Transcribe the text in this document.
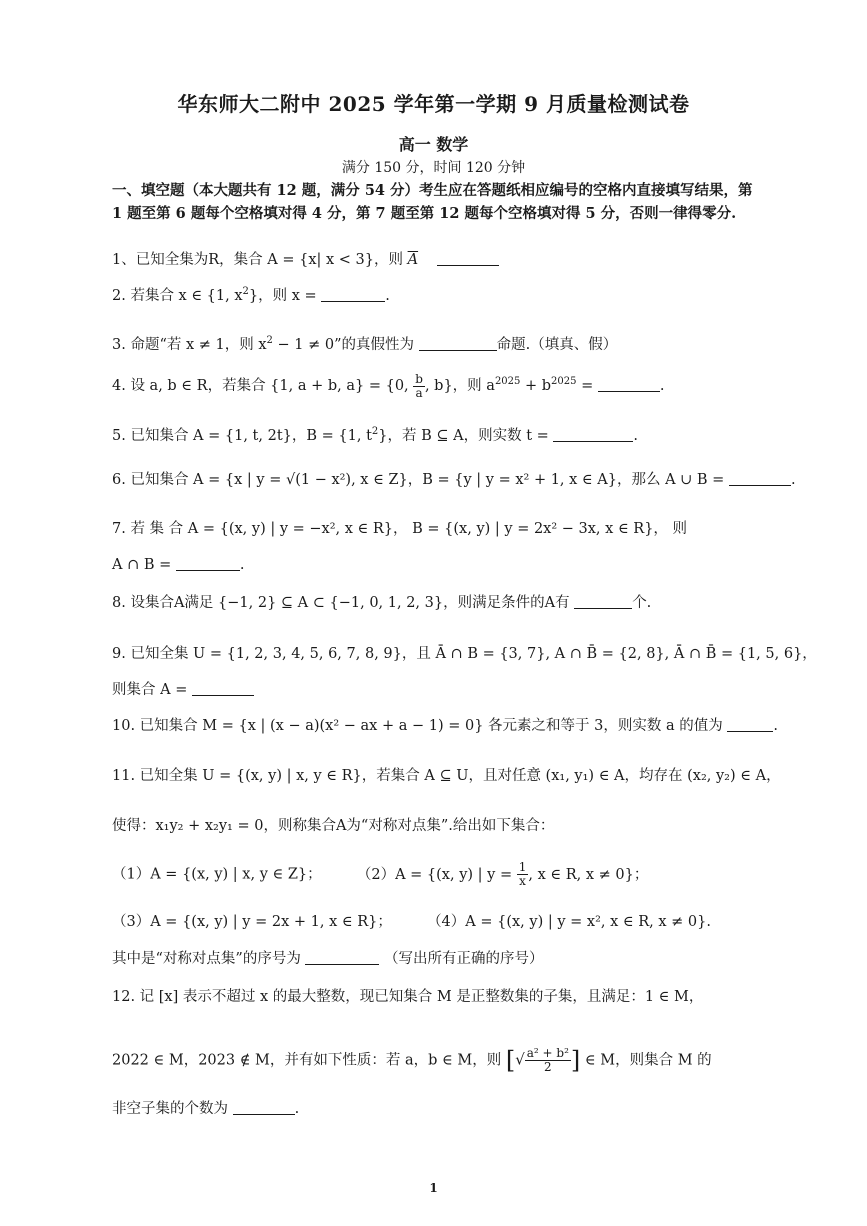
华东师大二附中 2025 学年第一学期 9 月质量检测试卷
高一 数学
满分 150 分，时间 120 分钟
一、填空题（本大题共有 12 题，满分 54 分）考生应在答题纸相应编号的空格内直接填写结果，第 1 题至第 6 题每个空格填对得 4 分，第 7 题至第 12 题每个空格填对得 5 分，否则一律得零分.
1、已知全集为R，集合 A = {x| x < 3}，则 $\overline{A}$
2. 若集合 x ∈ {1, $x^2$}，则 x =	.
3. 命题“若 x ≠ 1，则 $x^2 - 1 \ne 0$”的真假性为	命题.（填真、假）
4. 设 a, b ∈ R，若集合 {1, a + b, a} = {0, $\frac{b}{a}$ , b}，则 $a^{2025} + b^{2025}$ =	.
5. 已知集合 A = {1, t, 2t}，B = {1, $t^2$}，若 B ⊆ A，则实数 t =	.
6. 已知集合 A = {x | y = √(1 − x²), x ∈ Z}，B = {y | y = x² + 1, x ∈ A}，那么 A ∪ B =	.
7. 若 集 合 A = {(x, y) | y = −x², x ∈ R}， B = {(x, y) | y = 2x² − 3x, x ∈ R}， 则
A ∩ B =	.
8. 设集合A满足 {−1, 2} ⊆ A ⊂ {−1, 0, 1, 2, 3}，则满足条件的A有	个.
9. 已知全集 U = {1, 2, 3, 4, 5, 6, 7, 8, 9}，且 Ā ∩ B = {3, 7}, A ∩ B̄ = {2, 8}, Ā ∩ B̄ = {1, 5, 6}，
则集合 A =
10. 已知集合 M = {x | (x − a)(x² − ax + a − 1) = 0} 各元素之和等于 3，则实数 a 的值为	.
11. 已知全集 U = {(x, y) | x, y ∈ R}，若集合 A ⊆ U，且对任意 (x₁, y₁) ∈ A，均存在 (x₂, y₂) ∈ A，
使得：x₁y₂ + x₂y₁ = 0，则称集合A为“对称对点集”.给出如下集合：
（1）A = {(x, y) | x, y ∈ Z}； （2）A = {(x, y) | $y = \frac{1}{x}$ , x ∈ R, x ≠ 0}；
（3）A = {(x, y) | y = 2x + 1, x ∈ R}； （4）A = {(x, y) | y = x², x ∈ R, x ≠ 0}.
其中是“对称对点集”的序号为	（写出所有正确的序号）
12. 记 [x] 表示不超过 x 的最大整数，现已知集合 M 是正整数集的子集，且满足：1 ∈ M，
2022 ∈ M，2023 ∉ M，并有如下性质：若 a，b ∈ M，则 [√ $\frac{\text{a² + b²}}{2}$ ] ∈ M，则集合 M 的
非空子集的个数为	.
1
